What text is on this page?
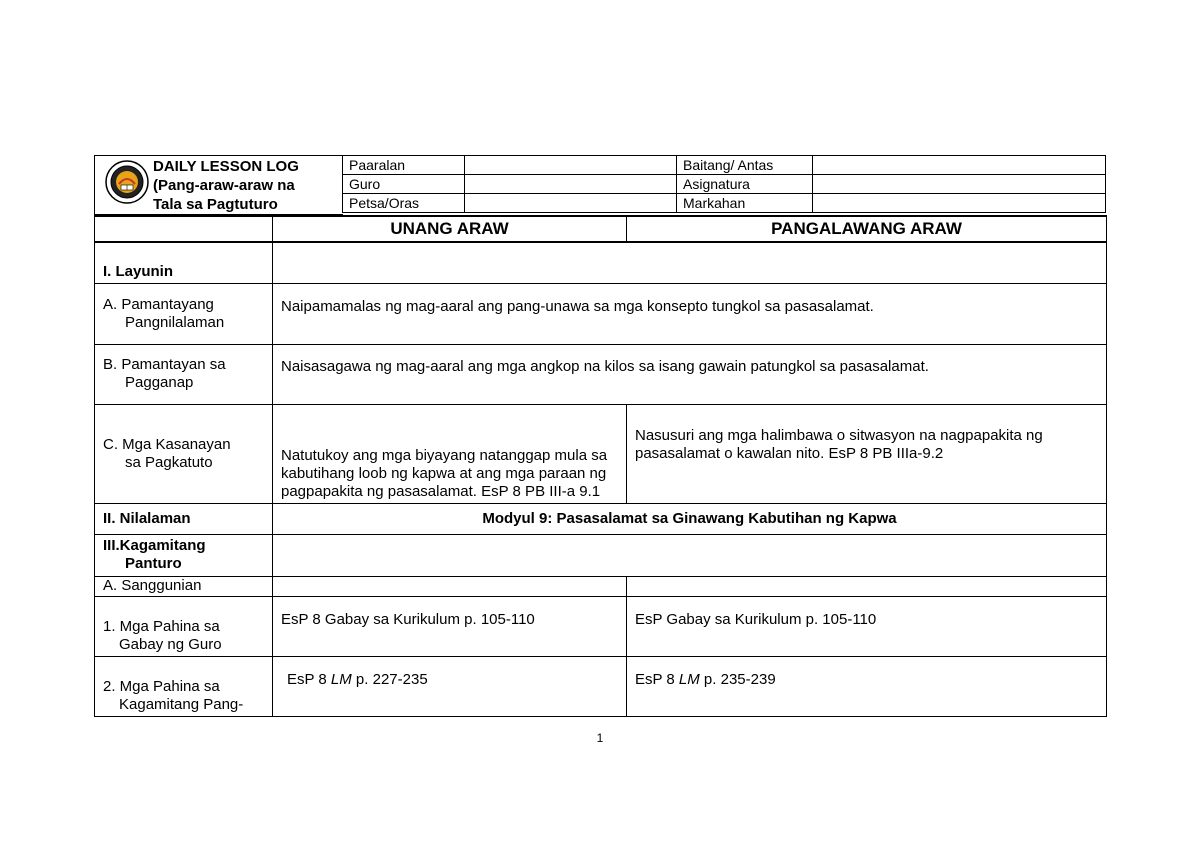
DAILY LESSON LOG
(Pang-araw-araw na
Tala sa Pagtuturo
Paaralan		Baitang/ Antas	
Guro		Asignatura	
Petsa/Oras		Markahan	
	UNANG ARAW	PANGALAWANG ARAW
I. Layunin		

A. Pamantayang
Pangnilalaman	Naipamamalas ng mag-aaral ang pang-unawa sa mga konsepto tungkol sa pasasalamat.	

B. Pamantayan sa
Pagganap	Naisasagawa ng mag-aaral ang mga angkop na kilos sa isang gawain patungkol sa pasasalamat.	

C. Mga Kasanayan
sa Pagkatuto	Natutukoy ang mga biyayang natanggap mula sa kabutihang loob ng kapwa at ang mga paraan ng pagpapakita ng pasasalamat. EsP 8 PB III-a 9.1	Nasusuri ang mga halimbawa o sitwasyon na nagpapakita ng pasasalamat o kawalan nito. EsP 8 PB IIIa-9.2
II. Nilalaman	Modyul 9: Pasasalamat sa Ginawang Kabutihan ng Kapwa	

III.Kagamitang
Panturo		

A. Sanggunian		

1. Mga Pahina sa
Gabay ng Guro	EsP 8 Gabay sa Kurikulum p. 105-110	EsP Gabay sa Kurikulum p. 105-110

2. Mga Pahina sa
Kagamitang Pang-	EsP 8 LM p. 227-235	EsP 8 LM p. 235-239
1
